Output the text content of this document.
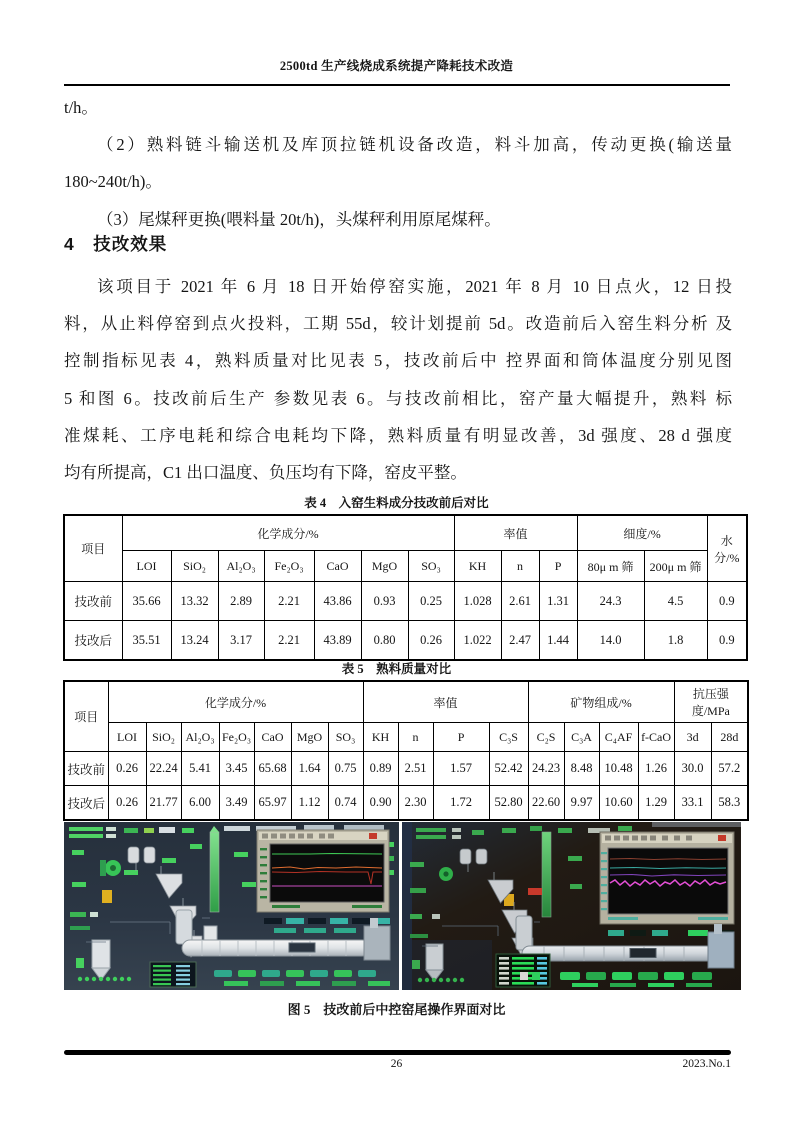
2500td 生产线烧成系统提产降耗技术改造
t/h。
（2）熟料链斗输送机及库顶拉链机设备改造，料斗加高，传动更换(输送量
180~240t/h)。
（3）尾煤秤更换(喂料量 20t/h)，头煤秤利用原尾煤秤。
4　技改效果
该项目于 2021 年 6 月 18 日开始停窑实施，2021 年 8 月 10 日点火，12 日投
料，从止料停窑到点火投料，工期 55d，较计划提前 5d。改造前后入窑生料分析 及
控制指标见表 4，熟料质量对比见表 5，技改前后中 控界面和筒体温度分别见图
5 和图 6。技改前后生产 参数见表 6。与技改前相比，窑产量大幅提升，熟料 标
准煤耗、工序电耗和综合电耗均下降，熟料质量有明显改善，3d 强度、28 d 强度
均有所提高，C1 出口温度、负压均有下降，窑皮平整。
表 4　入窑生料成分技改前后对比
项目	化学成分/%							率值			细度/%		水分/%
	LOI	SiO₂	Al₂O₃	Fe₂O₃	CaO	MgO	SO₃	KH	n	P	80μ m 筛	200μ m 筛	
技改前	35.66	13.32	2.89	2.21	43.86	0.93	0.25	1.028	2.61	1.31	24.3	4.5	0.9
技改后	35.51	13.24	3.17	2.21	43.89	0.80	0.26	1.022	2.47	1.44	14.0	1.8	0.9
表 5　熟料质量对比
项目	化学成分/%							率值				矿物组成/%				抗压强度/MPa	
	LOI	SiO₂	Al₂O₃	Fe₂O₃	CaO	MgO	SO₃	KH	n	P	C₃S	C₂S	C₃A	C₄AF	f-CaO	3d	28d
技改前	0.26	22.24	5.41	3.45	65.68	1.64	0.75	0.89	2.51	1.57	52.42	24.23	8.48	10.48	1.26	30.0	57.2
技改后	0.26	21.77	6.00	3.49	65.97	1.12	0.74	0.90	2.30	1.72	52.80	22.60	9.97	10.60	1.29	33.1	58.3
图 5　技改前后中控窑尾操作界面对比
26	2023.No.1
